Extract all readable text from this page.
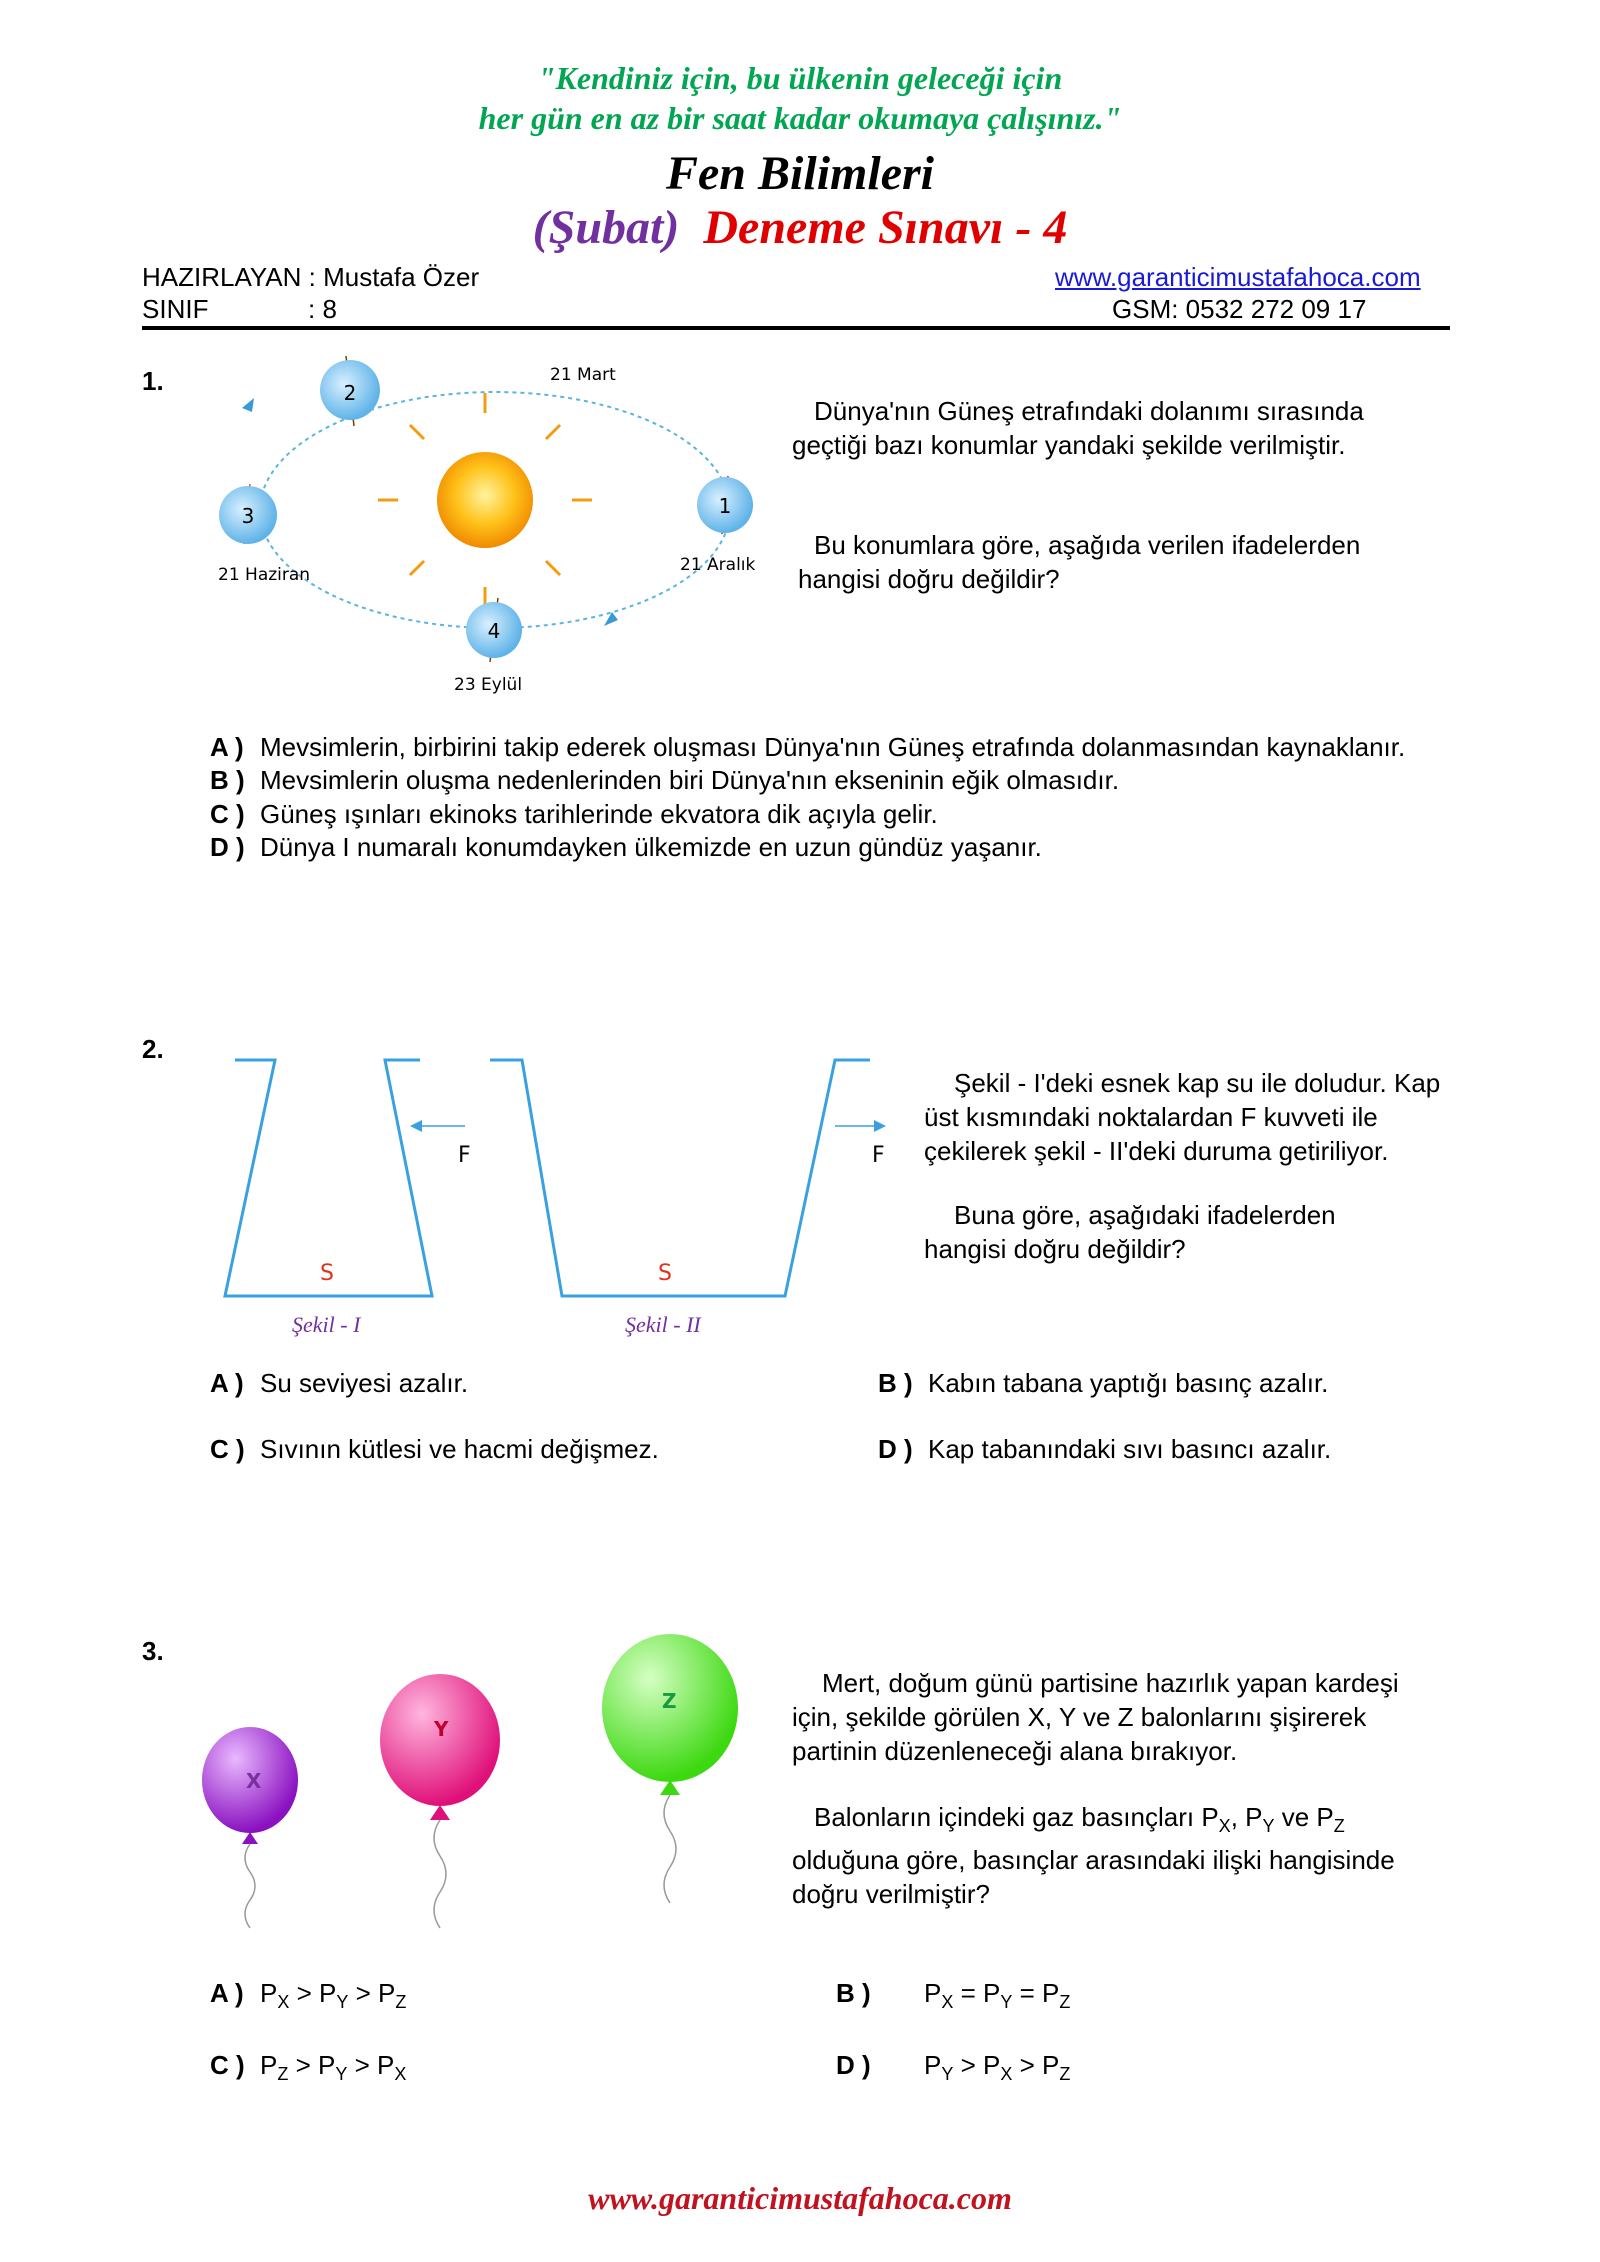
"Kendiniz için, bu ülkenin geleceği için
her gün en az bir saat kadar okumaya çalışınız."
Fen Bilimleri
(Şubat) Deneme Sınavı - 4
HAZIRLAYAN : Mustafa Özer
SINIF	: 8
www.garanticimustafahoca.com
GSM: 0532 272 09 17
1.	2
1
3
4
21 Mart
21 Aralık
21 Haziran
23 Eylül
Dünya'nın Güneş etrafındaki dolanımı sırasında geçtiği bazı konumlar yandaki şekilde verilmiştir.
Bu konumlara göre, aşağıda verilen ifadelerden hangisi doğru değildir?
A ) Mevsimlerin, birbirini takip ederek oluşması Dünya'nın Güneş etrafında dolanmasından kaynaklanır.
B ) Mevsimlerin oluşma nedenlerinden biri Dünya'nın ekseninin eğik olmasıdır.
C ) Güneş ışınları ekinoks tarihlerinde ekvatora dik açıyla gelir.
D ) Dünya I numaralı konumdayken ülkemizde en uzun gündüz yaşanır.
2.
F	F
S	S
Şekil - I	Şekil - II
Şekil - I'deki esnek kap su ile doludur. Kap üst kısmındaki noktalardan F kuvveti ile çekilerek şekil - II'deki duruma getiriliyor.
Buna göre, aşağıdaki ifadelerden hangisi doğru değildir?
A ) Su seviyesi azalır.	B ) Kabın tabana yaptığı basınç azalır.
C ) Sıvının kütlesi ve hacmi değişmez.	D ) Kap tabanındaki sıvı basıncı azalır.
3.
X
Y
Z
Mert, doğum günü partisine hazırlık yapan kardeşi için, şekilde görülen X, Y ve Z balonlarını şişirerek partinin düzenleneceği alana bırakıyor.
Balonların içindeki gaz basınçları $P_X$, $P_Y$ ve $P_Z$ olduğuna göre, basınçlar arasındaki ilişki hangisinde doğru verilmiştir?
A ) $P_X > P_Y > P_Z$	B ) $P_X = P_Y = P_Z$
C ) $P_Z > P_Y > P_X$	D ) $P_Y > P_X > P_Z$
www.garanticimustafahoca.com
